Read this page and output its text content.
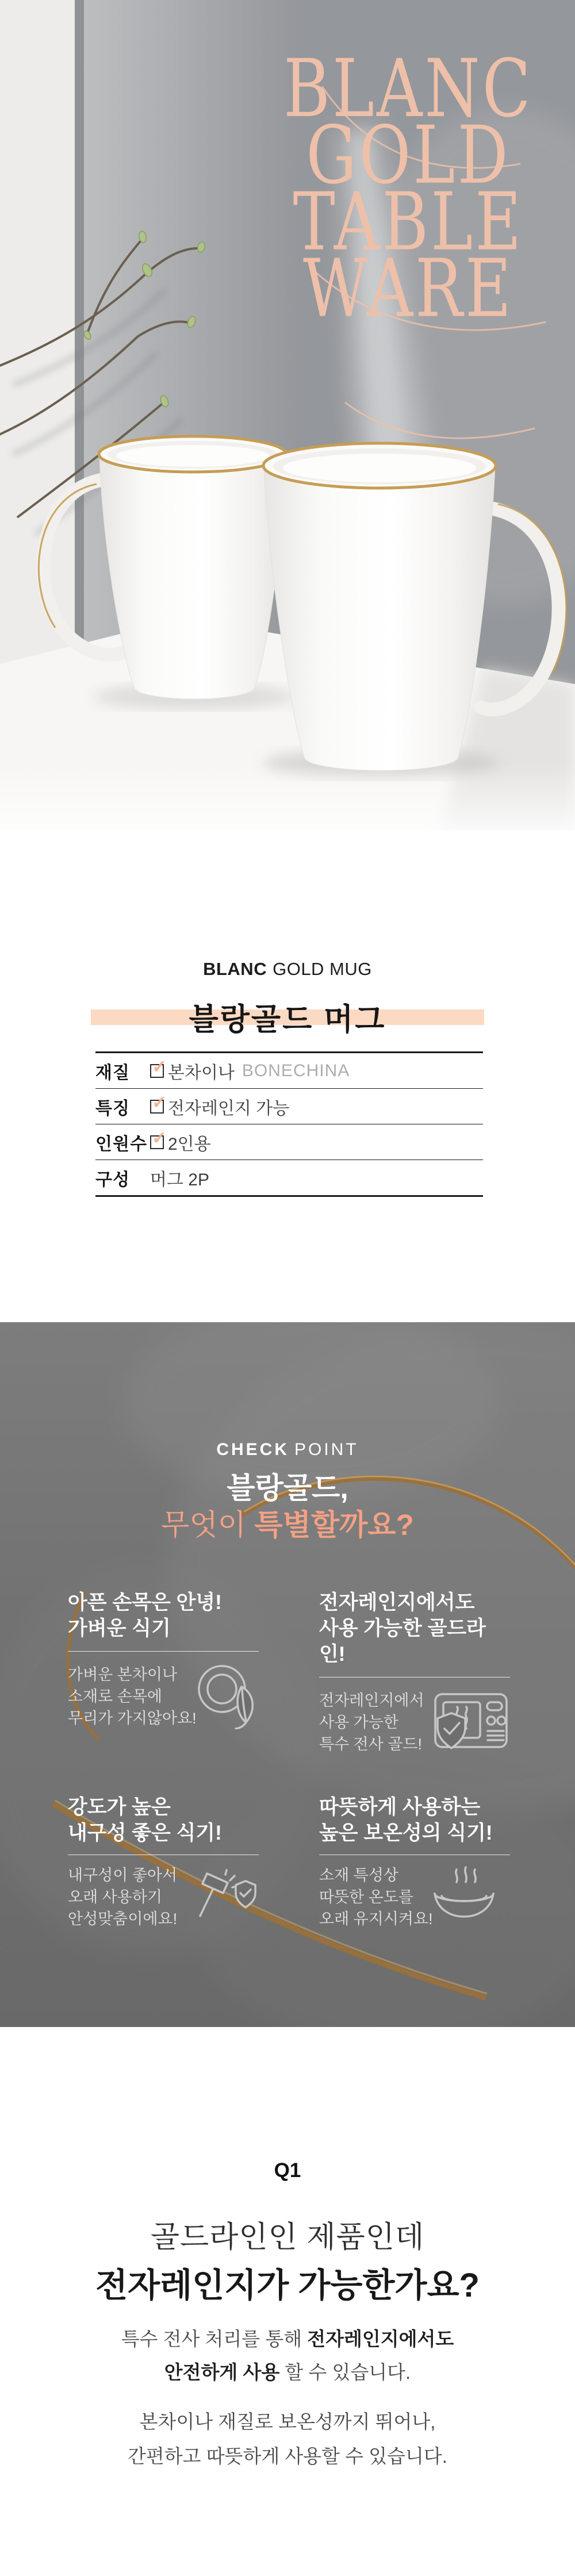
BLANC
GOLD
TABLE
WARE
BLANC GOLD MUG
블랑골드 머그
재질	✓ 본차이나 BONECHINA
특징	✓ 전자레인지 가능
인원수 ✓ 2인용
구성	머그 2P
CHECK POINT
블랑골드,
무엇이 특별할까요?
아픈 손목은 안녕!
가벼운 식기
가벼운 본차이나
소재로 손목에
무리가 가지않아요!
전자레인지에서도
사용 가능한 골드라인!
전자레인지에서
사용 가능한
특수 전사 골드!
강도가 높은
내구성 좋은 식기!
내구성이 좋아서
오래 사용하기
안성맞춤이에요!
따뜻하게 사용하는
높은 보온성의 식기!
소재 특성상
따뜻한 온도를
오래 유지시켜요!
Q1
골드라인인 제품인데
전자레인지가 가능한가요?
특수 전사 처리를 통해 전자레인지에서도
안전하게 사용 할 수 있습니다.
본차이나 재질로 보온성까지 뛰어나,
간편하고 따뜻하게 사용할 수 있습니다.
